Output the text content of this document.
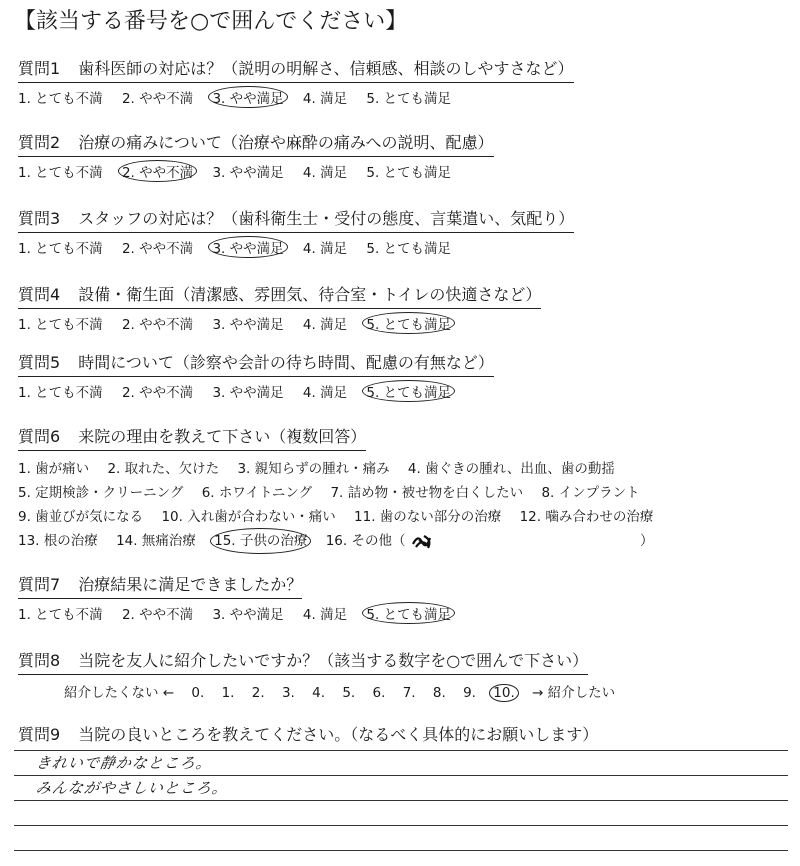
【該当する番号を○で囲んでください】
質問1 歯科医師の対応は？（説明の明解さ、信頼感、相談のしやすさなど）
1. とても不満 2. やや不満 3. やや満足 4. 満足 5. とても満足
質問2 治療の痛みについて（治療や麻酔の痛みへの説明、配慮）
1. とても不満 2. やや不満 3. やや満足 4. 満足 5. とても満足
質問3 スタッフの対応は？（歯科衛生士・受付の態度、言葉遣い、気配り）
1. とても不満 2. やや不満 3. やや満足 4. 満足 5. とても満足
質問4 設備・衛生面（清潔感、雰囲気、待合室・トイレの快適さなど）
1. とても不満 2. やや不満 3. やや満足 4. 満足 5. とても満足
質問5 時間について（診察や会計の待ち時間、配慮の有無など）
1. とても不満 2. やや不満 3. やや満足 4. 満足 5. とても満足
質問6 来院の理由を教えて下さい（複数回答）
1. 歯が痛い 2. 取れた、欠けた 3. 親知らずの腫れ・痛み 4. 歯ぐきの腫れ、出血、歯の動揺
5. 定期検診・クリーニング 6. ホワイトニング 7. 詰め物・被せ物を白くしたい 8. インプラント
9. 歯並びが気になる 10. 入れ歯が合わない・痛い 11. 歯のない部分の治療 12. 噛み合わせの治療
13. 根の治療 14. 無痛治療 15. 子供の治療 16. その他（	）
質問7 治療結果に満足できましたか？
1. とても不満 2. やや不満 3. やや満足 4. 満足 5. とても満足
質問8 当院を友人に紹介したいですか？（該当する数字を○で囲んで下さい）
紹介したくない ← 0. 1. 2. 3. 4. 5. 6. 7. 8. 9. 10. → 紹介したい
質問9 当院の良いところを教えてください。（なるべく具体的にお願いします）
きれいで静かなところ。
みんながやさしいところ。
